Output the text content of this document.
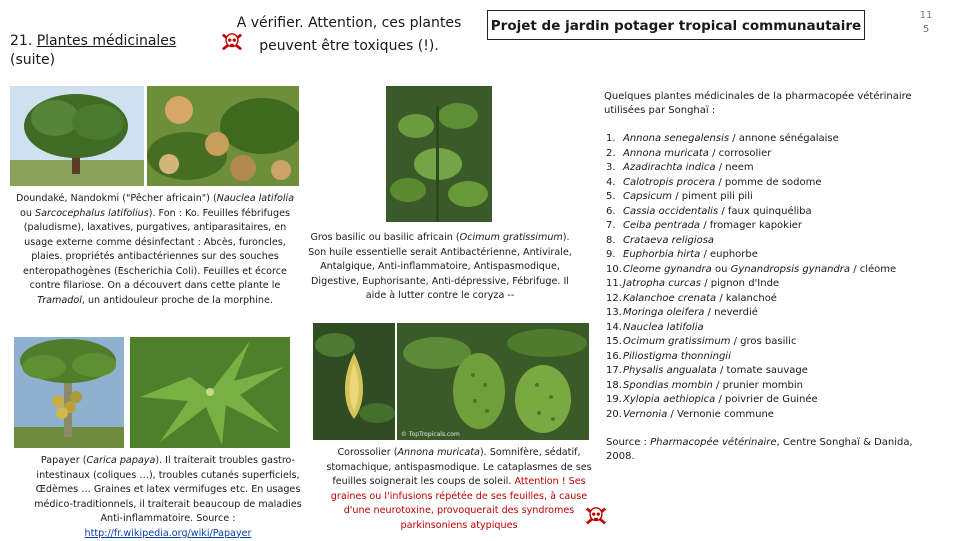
21. Plantes médicinales
(suite)
A vérifier. Attention, ces plantes peuvent être toxiques (!).
Projet de jardin potager tropical communautaire
11
5
Doundaké, Nandokmi ("Pêcher africain") (Nauclea latifolia ou Sarcocephalus latifolius). Fon : Ko. Feuilles fébrifuges (paludisme), laxatives, purgatives, antiparasitaires, en usage externe comme désinfectant : Abcès, furoncles, plaies. propriétés antibactériennes sur des souches enteropathogènes (Escherichia Coli). Feuilles et écorce contre filariose. On a découvert dans cette plante le Tramadol, un antidouleur proche de la morphine.
Gros basilic ou basilic africain (Ocimum gratissimum). Son huile essentielle serait Antibactérienne, Antivirale, Antalgique, Anti-inflammatoire, Antispasmodique, Digestive, Euphorisante, Anti-dépressive, Fébrifuge. Il aide à lutter contre le coryza --
Papayer (Carica papaya). Il traiterait troubles gastro-intestinaux (coliques …), troubles cutanés superficiels, Œdèmes … Graines et latex vermifuges etc. En usages médico-traditionnels, il traiterait beaucoup de maladies Anti-inflammatoire. Source :
http://fr.wikipedia.org/wiki/Papayer
© TopTropicals.com
Corossolier (Annona muricata). Somnifère, sédatif, stomachique, antispasmodique. Le cataplasmes de ses feuilles soignerait les coups de soleil. Attention ! Ses graines ou l'infusions répétée de ses feuilles, à cause d'une neurotoxine, provoquerait des syndromes parkinsoniens atypiques
Quelques plantes médicinales de la pharmacopée vétérinaire utilisées par Songhaï :
1. Annona senegalensis / annone sénégalaise
2. Annona muricata / corrosolier
3. Azadirachta indica / neem
4. Calotropis procera / pomme de sodome
5. Capsicum / piment pili pili
6. Cassia occidentalis / faux quinquéliba
7. Ceiba pentrada / fromager kapokier
8. Crataeva religiosa
9. Euphorbia hirta / euphorbe
10.Cleome gynandra ou Gynandropsis gynandra / cléome
11.Jatropha curcas / pignon d'Inde
12.Kalanchoe crenata / kalanchoé
13.Moringa oleifera / neverdié
14.Nauclea latifolia
15.Ocimum gratissimum / gros basilic
16.Piliostigma thonningii
17.Physalis angualata / tomate sauvage
18.Spondias mombin / prunier mombin
19.Xylopia aethiopica / poivrier de Guinée
20.Vernonia / Vernonie commune
Source : Pharmacopée vétérinaire, Centre Songhaï & Danida, 2008.
